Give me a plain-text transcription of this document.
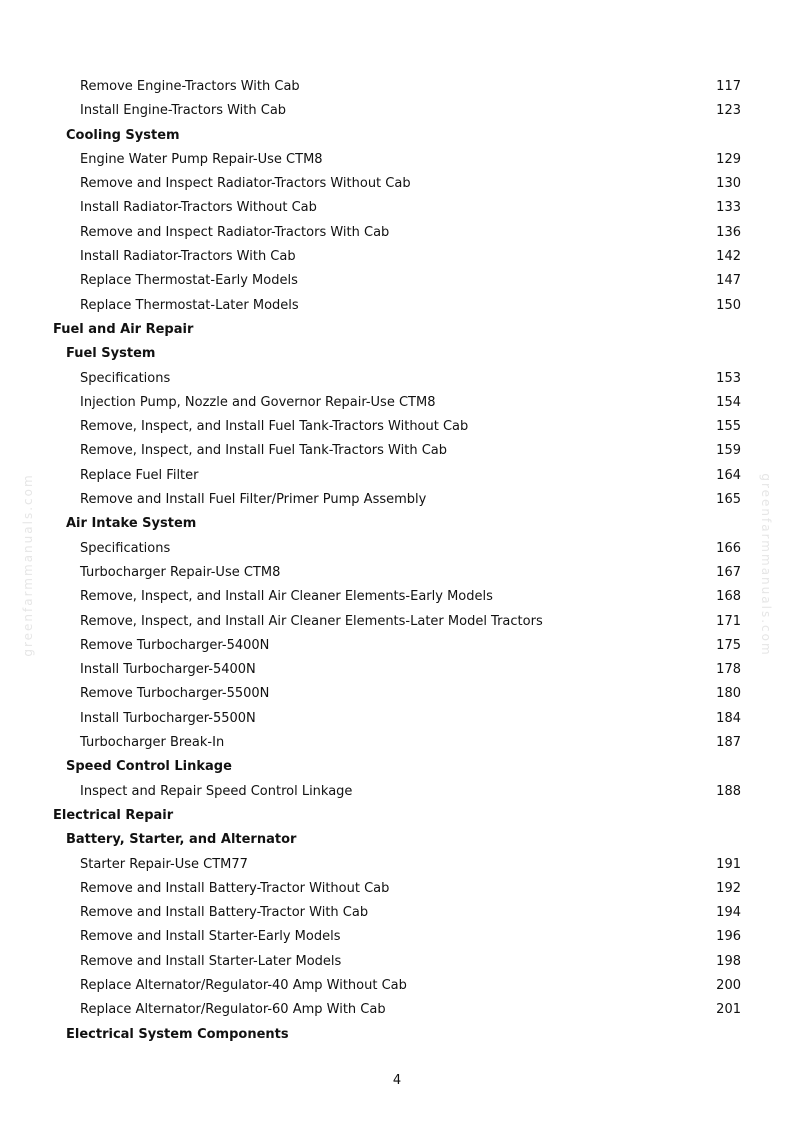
Remove Engine-Tractors With Cab	117
Install Engine-Tractors With Cab	123
Cooling System
Engine Water Pump Repair-Use CTM8	129
Remove and Inspect Radiator-Tractors Without Cab	130
Install Radiator-Tractors Without Cab	133
Remove and Inspect Radiator-Tractors With Cab	136
Install Radiator-Tractors With Cab	142
Replace Thermostat-Early Models	147
Replace Thermostat-Later Models	150
Fuel and Air Repair
Fuel System
Specifications	153
Injection Pump, Nozzle and Governor Repair-Use CTM8	154
Remove, Inspect, and Install Fuel Tank-Tractors Without Cab	155
Remove, Inspect, and Install Fuel Tank-Tractors With Cab	159
Replace Fuel Filter	164
Remove and Install Fuel Filter/Primer Pump Assembly	165
Air Intake System
Specifications	166
Turbocharger Repair-Use CTM8	167
Remove, Inspect, and Install Air Cleaner Elements-Early Models	168
Remove, Inspect, and Install Air Cleaner Elements-Later Model Tractors	171
Remove Turbocharger-5400N	175
Install Turbocharger-5400N	178
Remove Turbocharger-5500N	180
Install Turbocharger-5500N	184
Turbocharger Break-In	187
Speed Control Linkage
Inspect and Repair Speed Control Linkage	188
Electrical Repair
Battery, Starter, and Alternator
Starter Repair-Use CTM77	191
Remove and Install Battery-Tractor Without Cab	192
Remove and Install Battery-Tractor With Cab	194
Remove and Install Starter-Early Models	196
Remove and Install Starter-Later Models	198
Replace Alternator/Regulator-40 Amp Without Cab	200
Replace Alternator/Regulator-60 Amp With Cab	201
Electrical System Components
greenfarmmanuals.com	greenfarmmanuals.com
4
